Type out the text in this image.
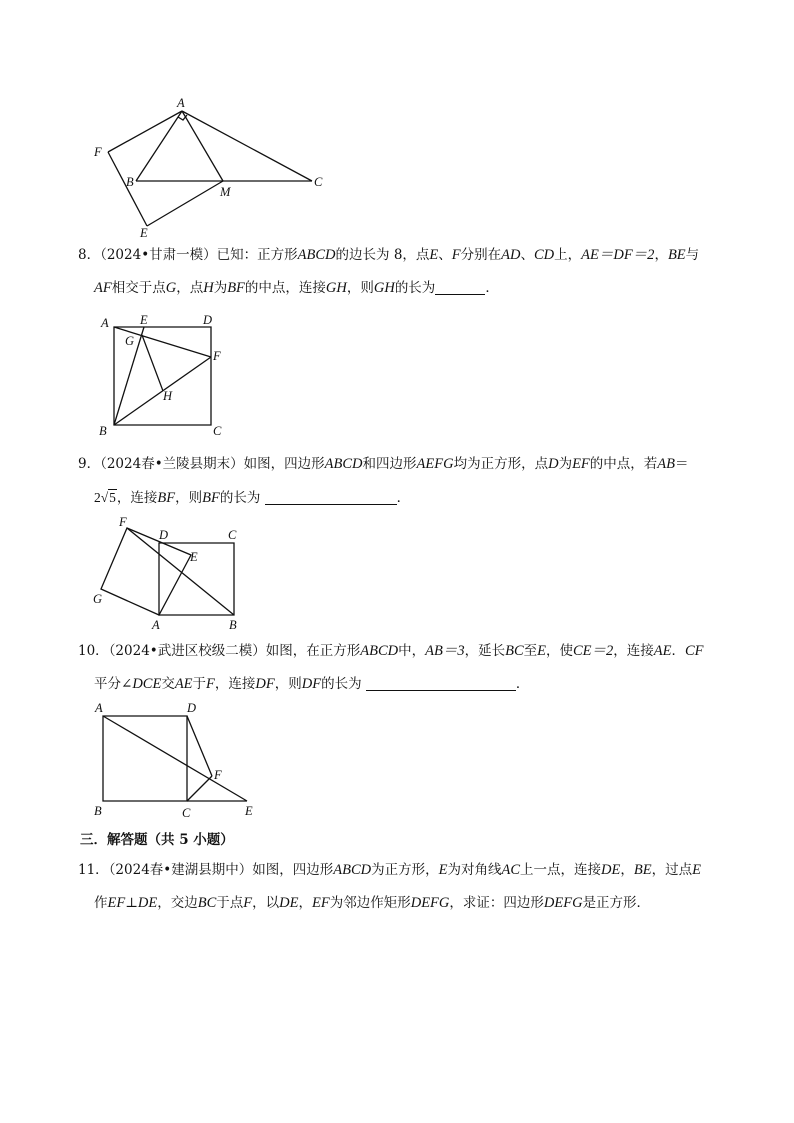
A
F
B
M
C
E

8．（2024•甘肃一模）已知：正方形ABCD的边长为 8，点E、F分别在AD、CD上，AE＝DF＝2，BE与

AF相交于点G，点H为BF的中点，连接GH，则GH的长为	．

A	E	D
G
F
H
B	C

9．（2024春•兰陵县期末）如图，四边形ABCD和四边形AEFG均为正方形，点D为EF的中点，若AB＝

2√5，连接BF，则BF的长为	．

F
D	C
E
G
A	B

10．（2024•武进区校级二模）如图，在正方形ABCD中，AB＝3，延长BC至E，使CE＝2，连接AE．CF

平分∠DCE交AE于F，连接DF，则DF的长为	．

A	D
F
B	C	E
三．解答题（共 5 小题）

11．（2024春•建湖县期中）如图，四边形ABCD为正方形，E为对角线AC上一点，连接DE，BE，过点E

作EF⊥DE，交边BC于点F，以DE，EF为邻边作矩形DEFG，求证：四边形DEFG是正方形．
